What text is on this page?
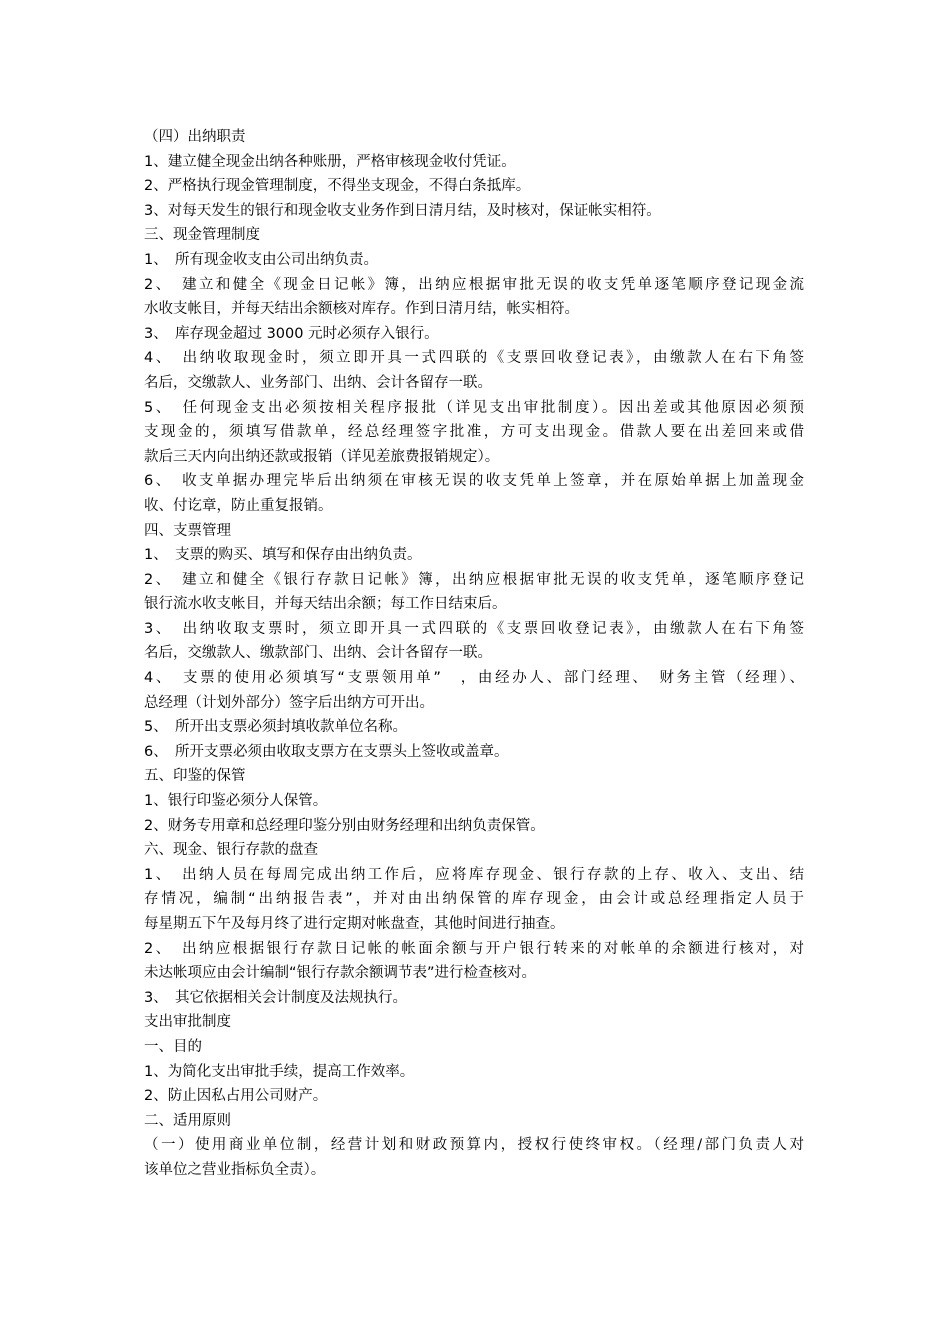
（四）出纳职责
1、建立健全现金出纳各种账册，严格审核现金收付凭证。
2、严格执行现金管理制度，不得坐支现金，不得白条抵库。
3、对每天发生的银行和现金收支业务作到日清月结，及时核对，保证帐实相符。
三、现金管理制度
1、　所有现金收支由公司出纳负责。
2、　建立和健全《现金日记帐》簿，出纳应根据审批无误的收支凭单逐笔顺序登记现金流
水收支帐目，并每天结出余额核对库存。作到日清月结，帐实相符。
3、　库存现金超过 3000 元时必须存入银行。
4、　出纳收取现金时，须立即开具一式四联的《支票回收登记表》，由缴款人在右下角签
名后，交缴款人、业务部门、出纳、会计各留存一联。
5、　任何现金支出必须按相关程序报批（详见支出审批制度）。因出差或其他原因必须预
支现金的，须填写借款单，经总经理签字批准，方可支出现金。借款人要在出差回来或借
款后三天内向出纳还款或报销（详见差旅费报销规定）。
6、　收支单据办理完毕后出纳须在审核无误的收支凭单上签章，并在原始单据上加盖现金
收、付讫章，防止重复报销。
四、支票管理
1、　支票的购买、填写和保存由出纳负责。
2、　建立和健全《银行存款日记帐》簿，出纳应根据审批无误的收支凭单，逐笔顺序登记
银行流水收支帐目，并每天结出余额；每工作日结束后。
3、　出纳收取支票时，须立即开具一式四联的《支票回收登记表》，由缴款人在右下角签
名后，交缴款人、缴款部门、出纳、会计各留存一联。
4、　支票的使用必须填写“支票领用单”　，由经办人、部门经理、　财务主管（经理）、
总经理（计划外部分）签字后出纳方可开出。
5、　所开出支票必须封填收款单位名称。
6、　所开支票必须由收取支票方在支票头上签收或盖章。
五、印鉴的保管
1、银行印鉴必须分人保管。
2、财务专用章和总经理印鉴分别由财务经理和出纳负责保管。
六、现金、银行存款的盘查
1、　出纳人员在每周完成出纳工作后，应将库存现金、银行存款的上存、收入、支出、结
存情况，编制“出纳报告表”，并对由出纳保管的库存现金，由会计或总经理指定人员于
每星期五下午及每月终了进行定期对帐盘查，其他时间进行抽查。
2、　出纳应根据银行存款日记帐的帐面余额与开户银行转来的对帐单的余额进行核对，对
未达帐项应由会计编制“银行存款余额调节表”进行检查核对。
3、　其它依据相关会计制度及法规执行。
支出审批制度
一、目的
1、为简化支出审批手续，提高工作效率。
2、防止因私占用公司财产。
二、适用原则
（一）使用商业单位制，经营计划和财政预算内，授权行使终审权。（经理/部门负责人对
该单位之营业指标负全责）。
